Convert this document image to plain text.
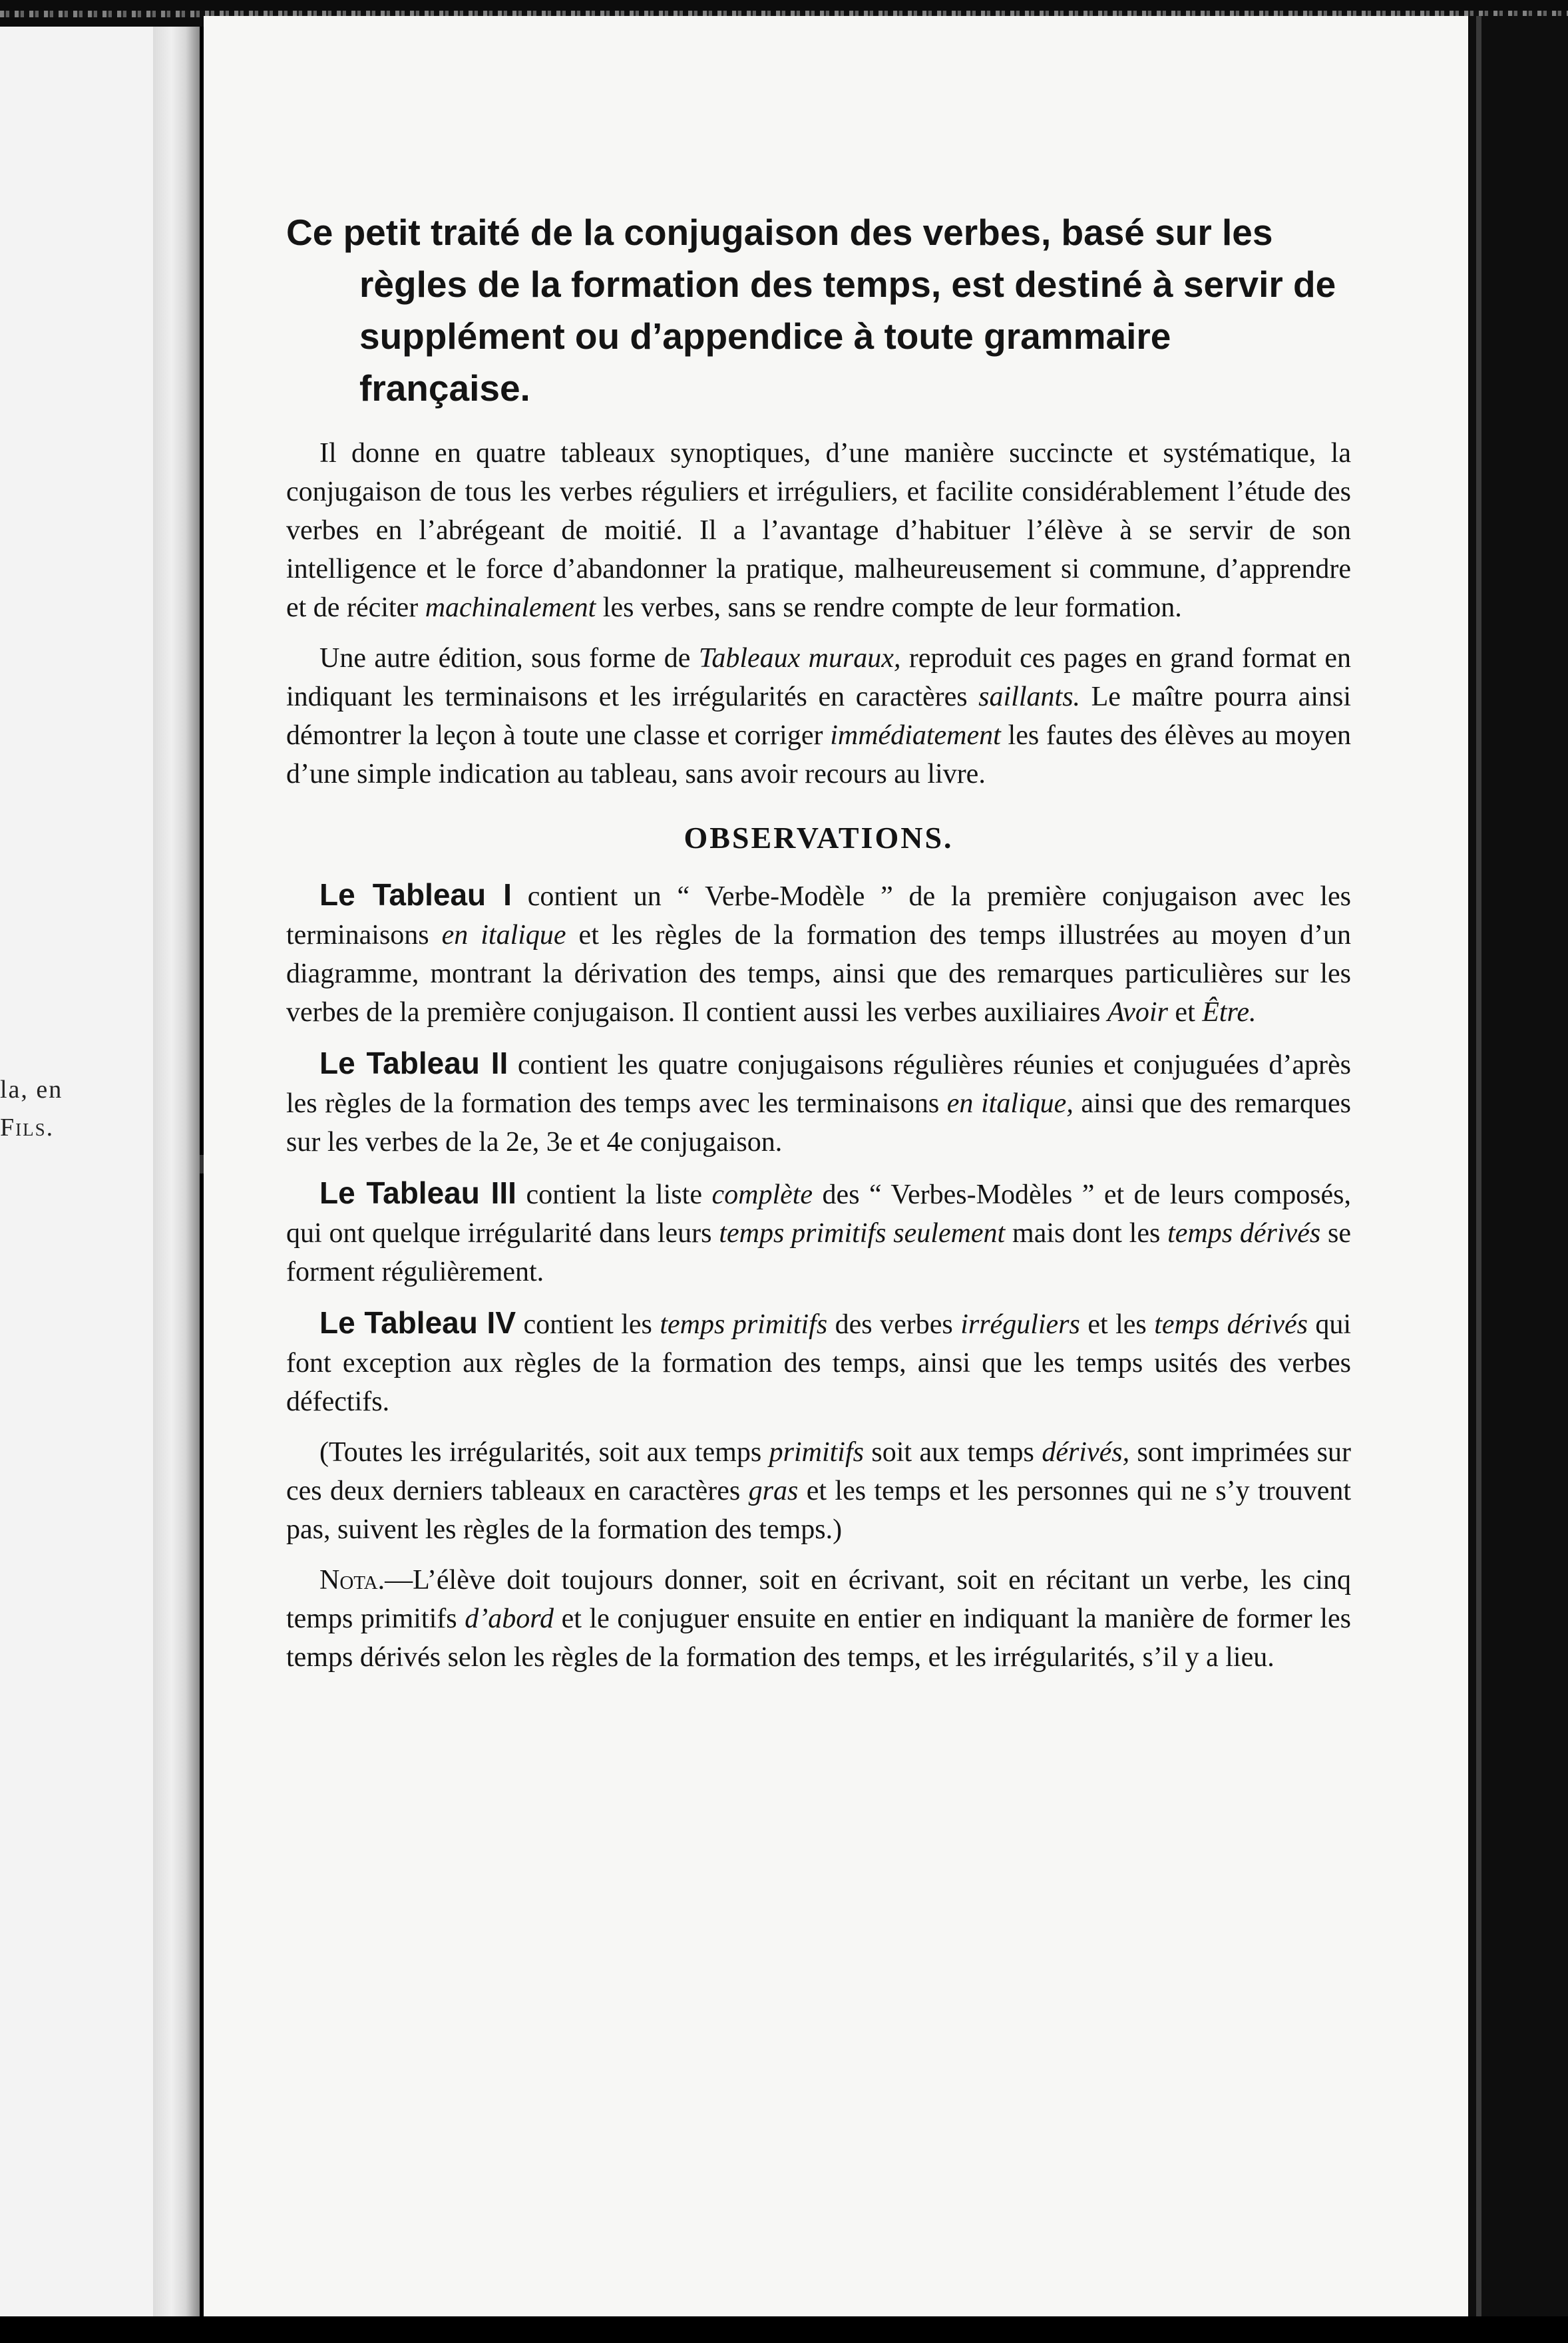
la, en
Fils.

Ce petit traité de la conjugaison des verbes, basé sur les règles de la formation des temps, est destiné à servir de supplément ou d’appendice à toute grammaire française.

Il donne en quatre tableaux synoptiques, d’une manière succincte et systématique, la conjugaison de tous les verbes réguliers et irréguliers, et facilite considérablement l’étude des verbes en l’abrégeant de moitié. Il a l’avantage d’habituer l’élève à se servir de son intelligence et le force d’abandonner la pratique, malheureusement si commune, d’apprendre et de réciter machinalement les verbes, sans se rendre compte de leur formation.

Une autre édition, sous forme de Tableaux muraux, reproduit ces pages en grand format en indiquant les terminaisons et les irrégularités en caractères saillants. Le maître pourra ainsi démontrer la leçon à toute une classe et corriger immédiatement les fautes des élèves au moyen d’une simple indication au tableau, sans avoir recours au livre.

OBSERVATIONS.

Le Tableau I contient un “ Verbe-Modèle ” de la première conjugaison avec les terminaisons en italique et les règles de la formation des temps illustrées au moyen d’un diagramme, montrant la dérivation des temps, ainsi que des remarques particulières sur les verbes de la première conjugaison. Il contient aussi les verbes auxiliaires Avoir et Être.

Le Tableau II contient les quatre conjugaisons régulières réunies et conjuguées d’après les règles de la formation des temps avec les terminaisons en italique, ainsi que des remarques sur les verbes de la 2e, 3e et 4e conjugaison.

Le Tableau III contient la liste complète des “ Verbes-Modèles ” et de leurs composés, qui ont quelque irrégularité dans leurs temps primitifs seulement mais dont les temps dérivés se forment régulièrement.

Le Tableau IV contient les temps primitifs des verbes irréguliers et les temps dérivés qui font exception aux règles de la formation des temps, ainsi que les temps usités des verbes défectifs.

(Toutes les irrégularités, soit aux temps primitifs soit aux temps dérivés, sont imprimées sur ces deux derniers tableaux en caractères gras et les temps et les personnes qui ne s’y trouvent pas, suivent les règles de la formation des temps.)

Nota.—L’élève doit toujours donner, soit en écrivant, soit en récitant un verbe, les cinq temps primitifs d’abord et le conjuguer ensuite en entier en indiquant la manière de former les temps dérivés selon les règles de la formation des temps, et les irrégularités, s’il y a lieu.
